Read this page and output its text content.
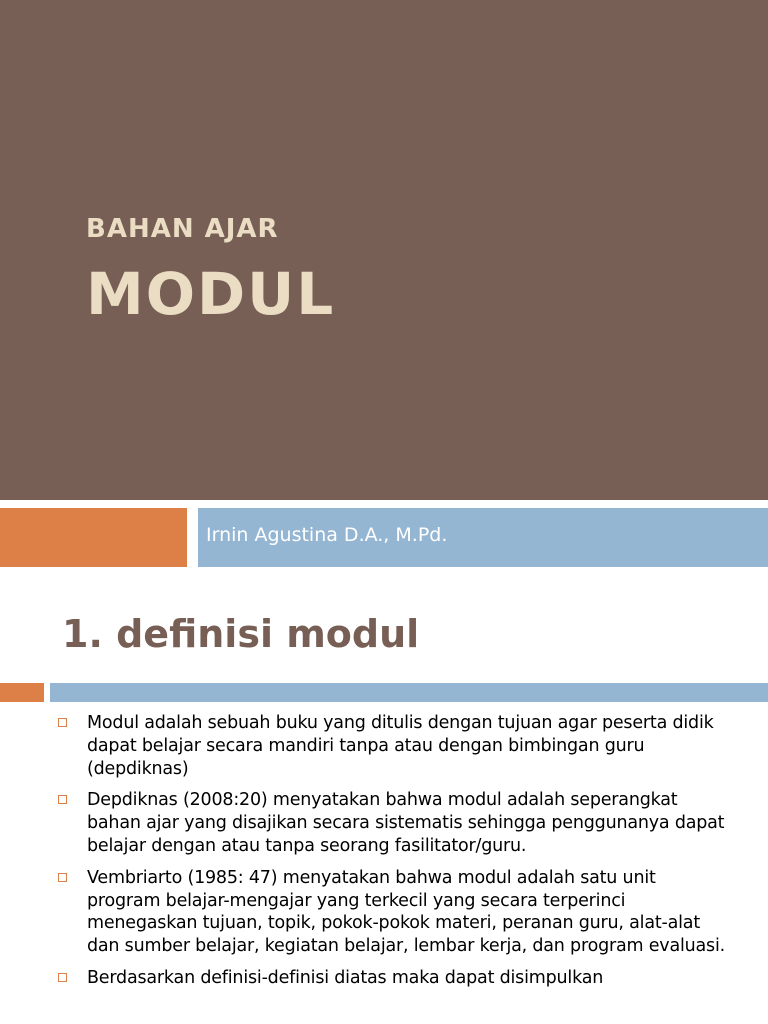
BAHAN AJAR
MODUL
Irnin Agustina D.A., M.Pd.
1. definisi modul
Modul adalah sebuah buku yang ditulis dengan tujuan agar peserta didik dapat belajar secara mandiri tanpa atau dengan bimbingan guru (depdiknas)
Depdiknas (2008:20) menyatakan bahwa modul adalah seperangkat bahan ajar yang disajikan secara sistematis sehingga penggunanya dapat belajar dengan atau tanpa seorang fasilitator/guru.
Vembriarto (1985: 47) menyatakan bahwa modul adalah satu unit program belajar-mengajar yang terkecil yang secara terperinci menegaskan tujuan, topik, pokok-pokok materi, peranan guru, alat-alat dan sumber belajar, kegiatan belajar, lembar kerja, dan program evaluasi.
Berdasarkan definisi-definisi diatas maka dapat disimpulkan
